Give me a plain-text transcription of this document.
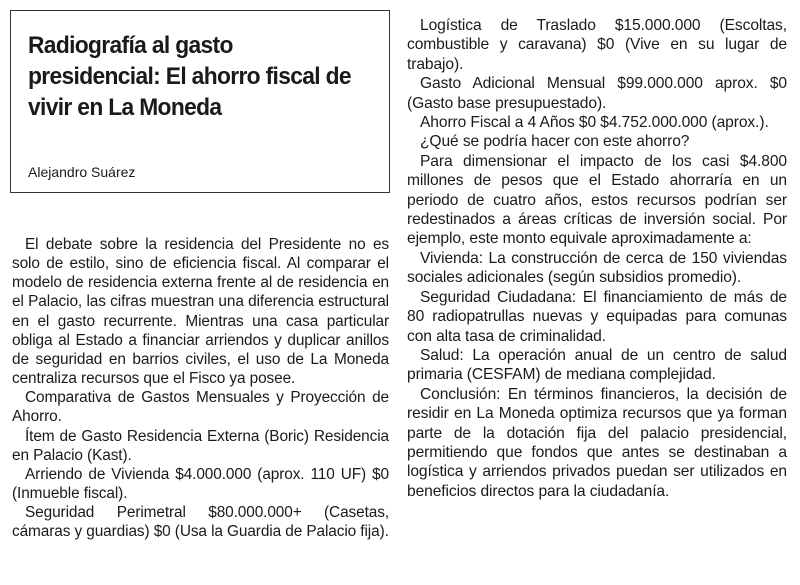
Radiografía al gasto presidencial: El ahorro fiscal de vivir en La Moneda
Alejandro Suárez

El debate sobre la residencia del Presidente no es solo de estilo, sino de eficiencia fiscal. Al comparar el modelo de residencia externa frente al de residencia en el Palacio, las cifras muestran una diferencia estructural en el gasto recurrente. Mientras una casa particular obliga al Estado a financiar arriendos y duplicar anillos de seguridad en barrios civiles, el uso de La Moneda centraliza recursos que el Fisco ya posee.

Comparativa de Gastos Mensuales y Proyección de Ahorro.

Ítem de Gasto Residencia Externa (Boric) Residencia en Palacio (Kast).

Arriendo de Vivienda $4.000.000 (aprox. 110 UF) $0 (Inmueble fiscal).

Seguridad Perimetral $80.000.000+ (Casetas, cámaras y guardias) $0 (Usa la Guardia de Palacio fija).

Logística de Traslado $15.000.000 (Escoltas, combustible y caravana) $0 (Vive en su lugar de trabajo).

Gasto Adicional Mensual $99.000.000 aprox. $0 (Gasto base presupuestado).

Ahorro Fiscal a 4 Años $0 $4.752.000.000 (aprox.).

¿Qué se podría hacer con este ahorro?

Para dimensionar el impacto de los casi $4.800 millones de pesos que el Estado ahorraría en un periodo de cuatro años, estos recursos podrían ser redestinados a áreas críticas de inversión social. Por ejemplo, este monto equivale aproximadamente a:

Vivienda: La construcción de cerca de 150 viviendas sociales adicionales (según subsidios promedio).

Seguridad Ciudadana: El financiamiento de más de 80 radiopatrullas nuevas y equipadas para comunas con alta tasa de criminalidad.

Salud: La operación anual de un centro de salud primaria (CESFAM) de mediana complejidad.

Conclusión: En términos financieros, la decisión de residir en La Moneda optimiza recursos que ya forman parte de la dotación fija del palacio presidencial, permitiendo que fondos que antes se destinaban a logística y arriendos privados puedan ser utilizados en beneficios directos para la ciudadanía.
